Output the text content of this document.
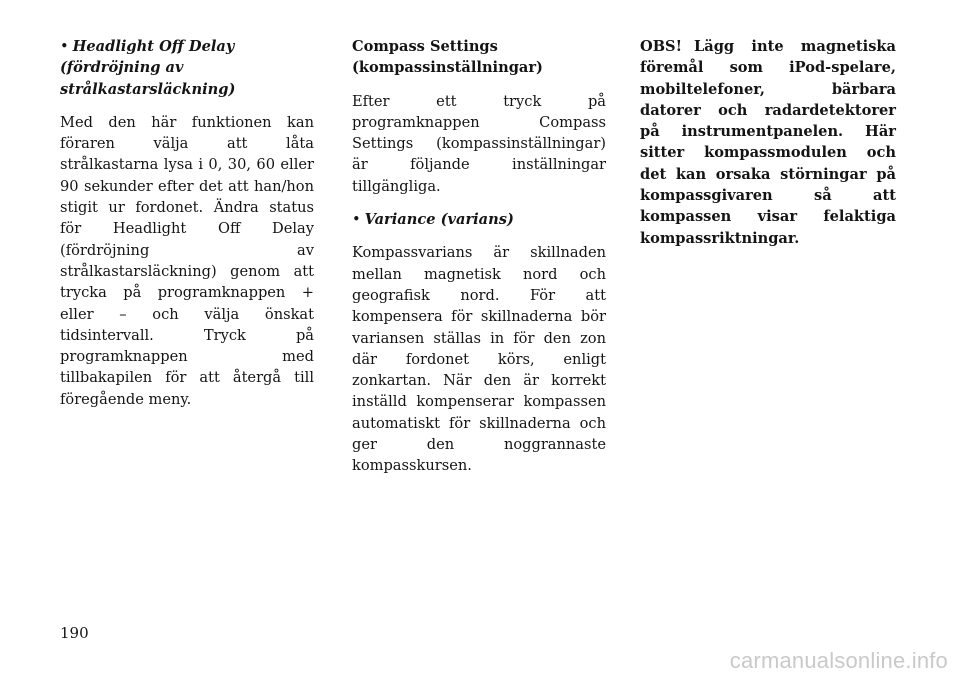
• Headlight Off Delay (fördröjning av strålkastarsläckning)

Med den här funktionen kan föraren välja att låta strålkastarna lysa i 0, 30, 60 eller 90 sekunder efter det att han/hon stigit ur fordonet. Ändra status för Headlight Off Delay (fördröjning av strålkastarsläckning) genom att trycka på programknappen + eller – och välja önskat tidsintervall. Tryck på programknappen med tillbakapilen för att återgå till föregående meny.

Compass Settings
(kompassinställningar)

Efter ett tryck på programknappen Compass Settings (kompassinställningar) är följande inställningar tillgängliga.

• Variance (varians)

Kompassvarians är skillnaden mellan magnetisk nord och geografisk nord. För att kompensera för skillnaderna bör variansen ställas in för den zon där fordonet körs, enligt zonkartan. När den är korrekt inställd kompenserar kompassen automatiskt för skillnaderna och ger den noggrannaste kompasskursen.

OBS! Lägg inte magnetiska föremål som iPod-spelare, mobiltelefoner, bärbara datorer och radardetektorer på instrumentpanelen. Här sitter kompassmodulen och det kan orsaka störningar på kompassgivaren så att kompassen visar felaktiga kompassriktningar.

190
carmanualsonline.info
